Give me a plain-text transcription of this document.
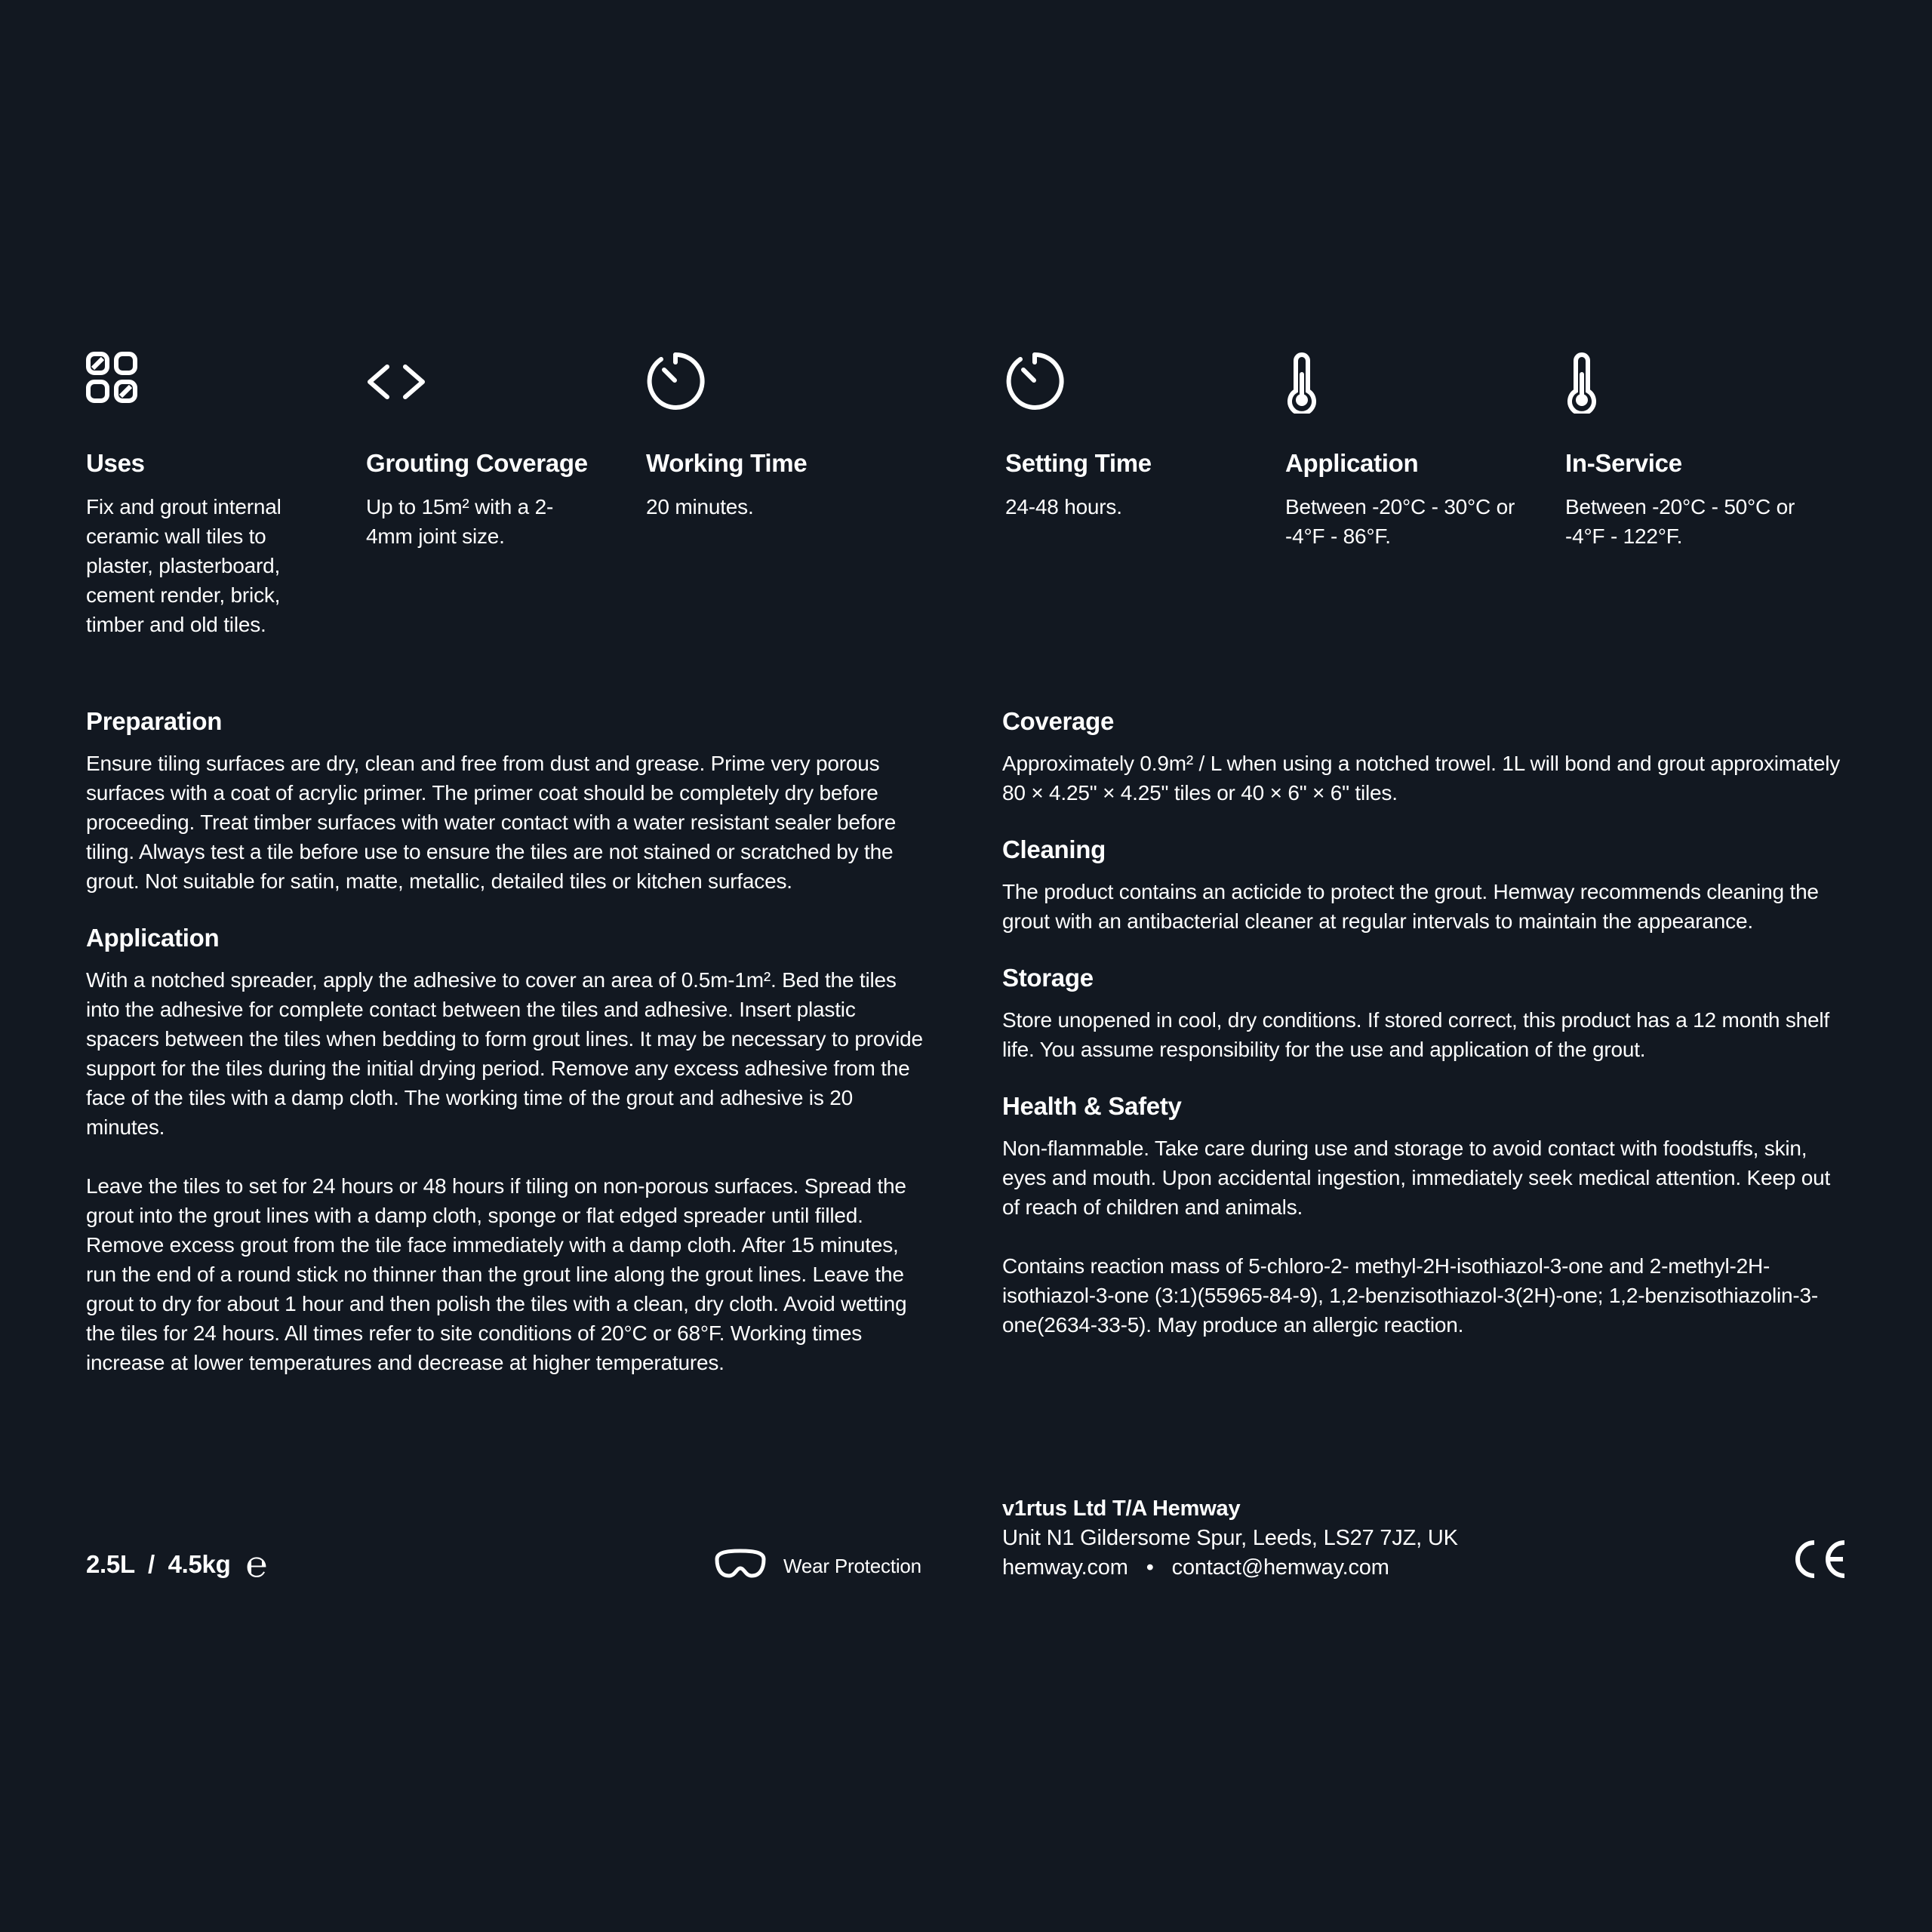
Uses

Fix and grout internal ceramic wall tiles to plaster, plasterboard, cement render, brick, timber and old tiles.

Grouting Coverage

Up to 15m² with a 2-4mm joint size.

Working Time

20 minutes.

Setting Time

24-48 hours.

Application

Between -20°C - 30°C or -4°F - 86°F.

In-Service

Between -20°C - 50°C or -4°F - 122°F.

Preparation

Ensure tiling surfaces are dry, clean and free from dust and grease. Prime very porous surfaces with a coat of acrylic primer. The primer coat should be completely dry before proceeding. Treat timber surfaces with water contact with a water resistant sealer before tiling. Always test a tile before use to ensure the tiles are not stained or scratched by the grout. Not suitable for satin, matte, metallic, detailed tiles or kitchen surfaces.

Application

With a notched spreader, apply the adhesive to cover an area of 0.5m-1m². Bed the tiles into the adhesive for complete contact between the tiles and adhesive. Insert plastic spacers between the tiles when bedding to form grout lines. It may be necessary to provide support for the tiles during the initial drying period. Remove any excess adhesive from the face of the tiles with a damp cloth. The working time of the grout and adhesive is 20 minutes.

Leave the tiles to set for 24 hours or 48 hours if tiling on non-porous surfaces. Spread the grout into the grout lines with a damp cloth, sponge or flat edged spreader until filled. Remove excess grout from the tile face immediately with a damp cloth. After 15 minutes, run the end of a round stick no thinner than the grout line along the grout lines. Leave the grout to dry for about 1 hour and then polish the tiles with a clean, dry cloth. Avoid wetting the tiles for 24 hours. All times refer to site conditions of 20°C or 68°F. Working times increase at lower temperatures and decrease at higher temperatures.

Coverage

Approximately 0.9m² / L when using a notched trowel. 1L will bond and grout approximately 80 × 4.25" × 4.25" tiles or 40 × 6" × 6" tiles.

Cleaning

The product contains an acticide to protect the grout. Hemway recommends cleaning the grout with an antibacterial cleaner at regular intervals to maintain the appearance.

Storage

Store unopened in cool, dry conditions. If stored correct, this product has a 12 month shelf life. You assume responsibility for the use and application of the grout.

Health & Safety

Non-flammable. Take care during use and storage to avoid contact with foodstuffs, skin, eyes and mouth. Upon accidental ingestion, immediately seek medical attention. Keep out of reach of children and animals.

Contains reaction mass of 5-chloro-2- methyl-2H-isothiazol-3-one and 2-methyl-2H-isothiazol-3-one (3:1)(55965-84-9), 1,2-benzisothiazol-3(2H)-one; 1,2-benzisothiazolin-3-one(2634-33-5). May produce an allergic reaction.

2.5L  /  4.5kg ℮	Wear Protection
v1rtus Ltd T/A Hemway
Unit N1 Gildersome Spur, Leeds, LS27 7JZ, UK
hemway.com • contact@hemway.com
